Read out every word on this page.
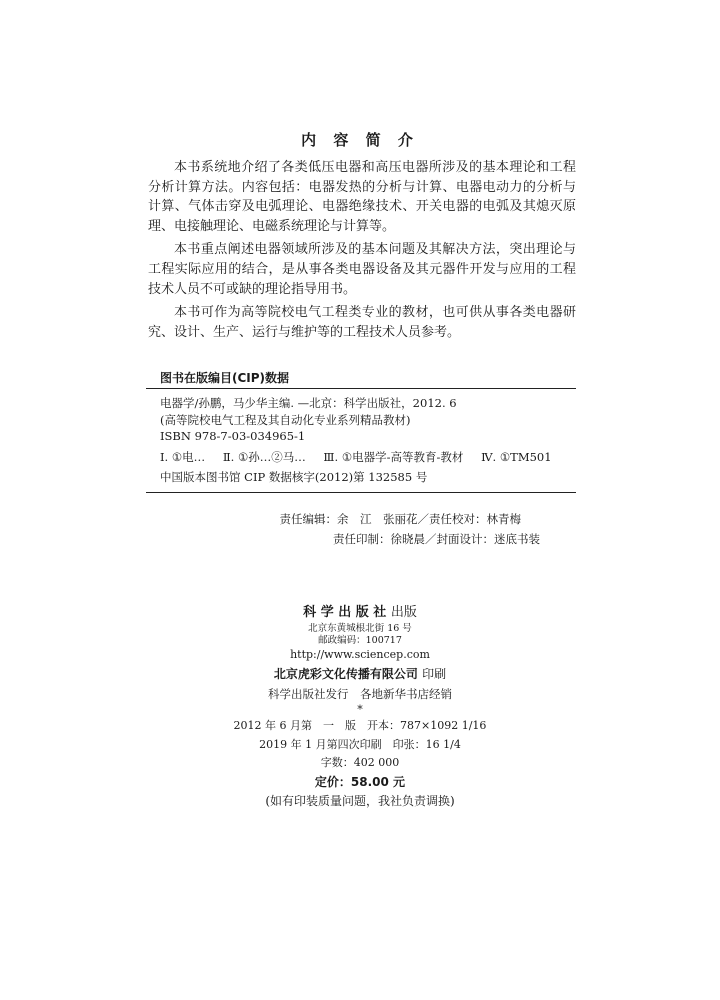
内 容 简 介

本书系统地介绍了各类低压电器和高压电器所涉及的基本理论和工程分析计算方法。内容包括：电器发热的分析与计算、电器电动力的分析与计算、气体击穿及电弧理论、电器绝缘技术、开关电器的电弧及其熄灭原理、电接触理论、电磁系统理论与计算等。

本书重点阐述电器领域所涉及的基本问题及其解决方法，突出理论与工程实际应用的结合，是从事各类电器设备及其元器件开发与应用的工程技术人员不可或缺的理论指导用书。

本书可作为高等院校电气工程类专业的教材，也可供从事各类电器研究、设计、生产、运行与维护等的工程技术人员参考。

图书在版编目(CIP)数据
电器学/孙鹏，马少华主编. —北京：科学出版社，2012. 6
(高等院校电气工程及其自动化专业系列精品教材)
ISBN 978-7-03-034965-1
Ⅰ. ①电… Ⅱ. ①孙…②马… Ⅲ. ①电器学-高等教育-教材 Ⅳ. ①TM501
中国版本图书馆 CIP 数据核字(2012)第 132585 号
责任编辑：余　江　张丽花／责任校对：林青梅
责任印制：徐晓晨／封面设计：迷底书装
科 学 出 版 社 出版
北京东黄城根北街 16 号
邮政编码：100717
http://www.sciencep.com
北京虎彩文化传播有限公司 印刷
科学出版社发行　各地新华书店经销
*
2012 年 6 月第　一　版　开本：787×1092 1/16
2019 年 1 月第四次印刷　印张：16 1/4
字数：402 000
定价：58.00 元
(如有印装质量问题，我社负责调换)
